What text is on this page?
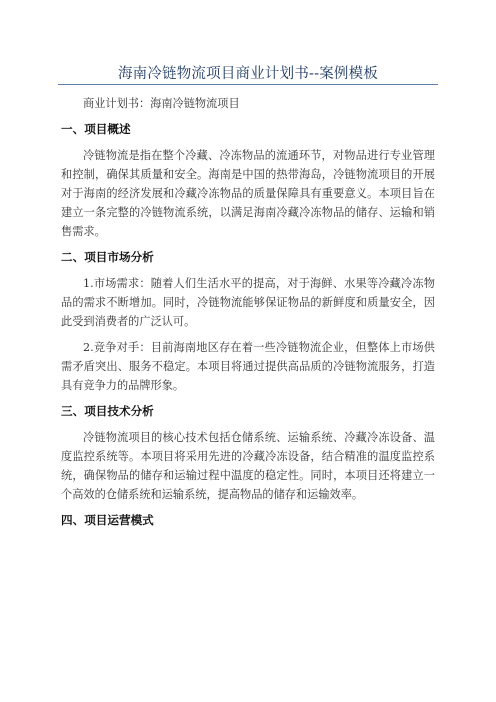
海南冷链物流项目商业计划书--案例模板

商业计划书：海南冷链物流项目

一、项目概述

冷链物流是指在整个冷藏、冷冻物品的流通环节，对物品进行专业管理和控制，确保其质量和安全。海南是中国的热带海岛，冷链物流项目的开展对于海南的经济发展和冷藏冷冻物品的质量保障具有重要意义。本项目旨在建立一条完整的冷链物流系统，以满足海南冷藏冷冻物品的储存、运输和销售需求。

二、项目市场分析

1.市场需求：随着人们生活水平的提高，对于海鲜、水果等冷藏冷冻物品的需求不断增加。同时，冷链物流能够保证物品的新鲜度和质量安全，因此受到消费者的广泛认可。

2.竞争对手：目前海南地区存在着一些冷链物流企业，但整体上市场供需矛盾突出、服务不稳定。本项目将通过提供高品质的冷链物流服务，打造具有竞争力的品牌形象。

三、项目技术分析

冷链物流项目的核心技术包括仓储系统、运输系统、冷藏冷冻设备、温度监控系统等。本项目将采用先进的冷藏冷冻设备，结合精准的温度监控系统，确保物品的储存和运输过程中温度的稳定性。同时，本项目还将建立一个高效的仓储系统和运输系统，提高物品的储存和运输效率。

四、项目运营模式
